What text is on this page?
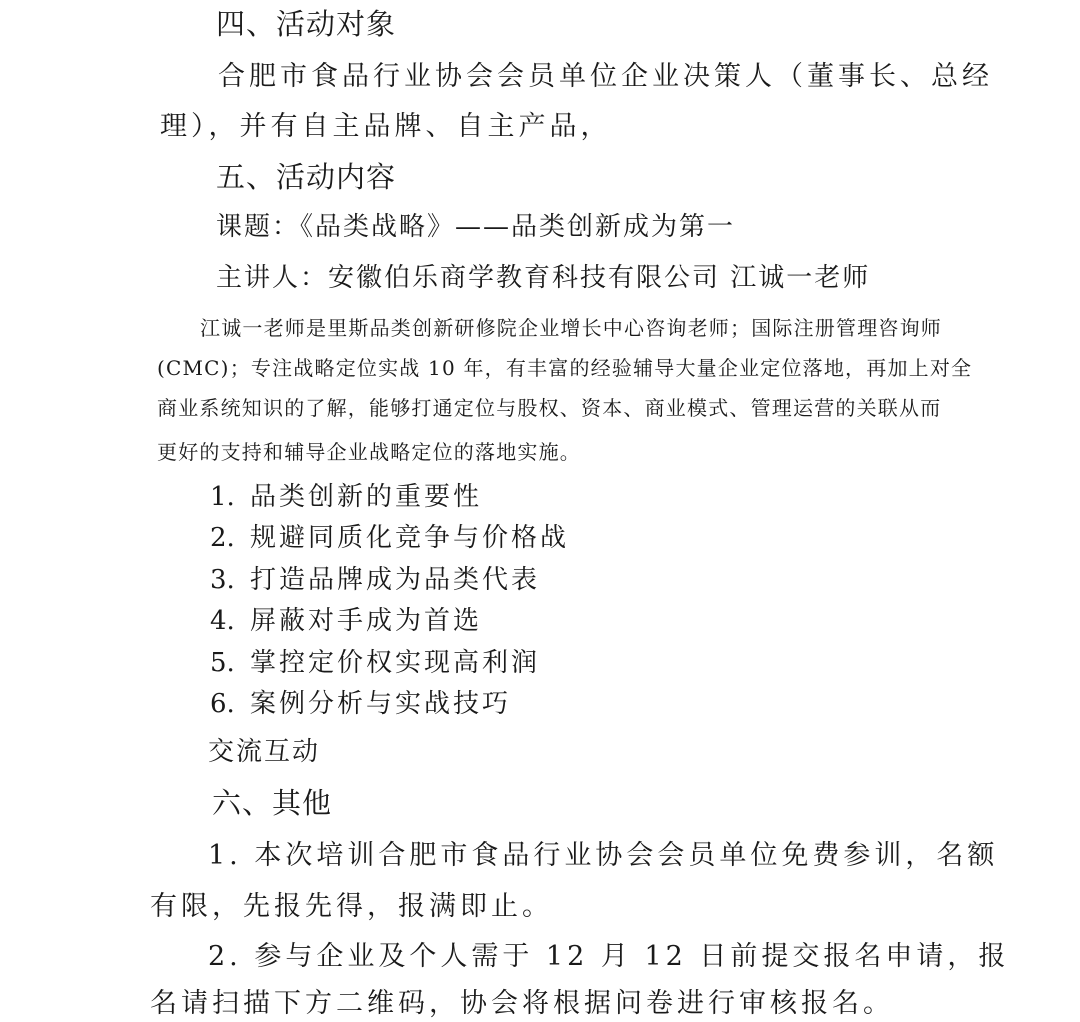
四、活动对象
合肥市食品行业协会会员单位企业决策人（董事长、总经
理），并有自主品牌、自主产品，
五、活动内容
课题：《品类战略》——品类创新成为第一
主讲人：安徽伯乐商学教育科技有限公司 江诚一老师
江诚一老师是里斯品类创新研修院企业增长中心咨询老师；国际注册管理咨询师
(CMC)；专注战略定位实战 10 年，有丰富的经验辅导大量企业定位落地，再加上对全
商业系统知识的了解，能够打通定位与股权、资本、商业模式、管理运营的关联从而
更好的支持和辅导企业战略定位的落地实施。
1. 品类创新的重要性
2. 规避同质化竞争与价格战
3. 打造品牌成为品类代表
4. 屏蔽对手成为首选
5. 掌控定价权实现高利润
6. 案例分析与实战技巧
交流互动
六、其他
1. 本次培训合肥市食品行业协会会员单位免费参训，名额
有限，先报先得，报满即止。
2. 参与企业及个人需于 12 月 12 日前提交报名申请，报
名请扫描下方二维码，协会将根据问卷进行审核报名。
